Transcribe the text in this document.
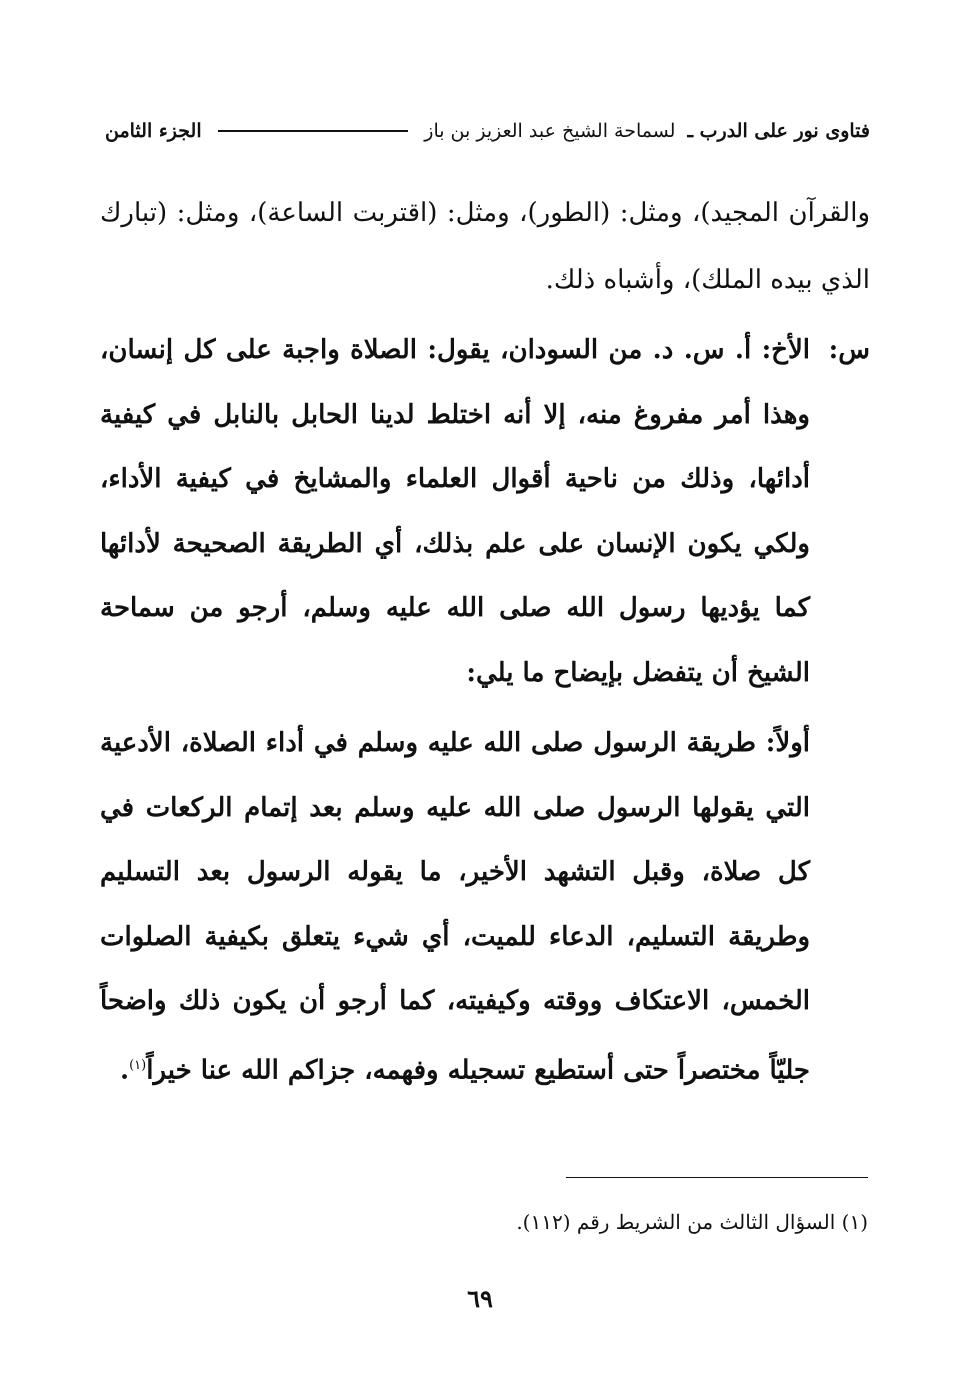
فتاوى نور على الدرب ـ
لسماحة الشيخ عبد العزيز بن باز
الجزء الثامن
والقرآن المجيد)، ومثل: (الطور)، ومثل: (اقتربت الساعة)، ومثل: (تبارك الذي بيده الملك)، وأشباه ذلك.
س:الأخ: أ. س. د. من السودان، يقول: الصلاة واجبة على كل إنسان، وهذا أمر مفروغ منه، إلا أنه اختلط لدينا الحابل بالنابل في كيفية أدائها، وذلك من ناحية أقوال العلماء والمشايخ في كيفية الأداء، ولكي يكون الإنسان على علم بذلك، أي الطريقة الصحيحة لأدائها كما يؤديها رسول الله صلى الله عليه وسلم، أرجو من سماحة الشيخ أن يتفضل بإيضاح ما يلي:
أولاً: طريقة الرسول صلى الله عليه وسلم في أداء الصلاة، الأدعية التي يقولها الرسول صلى الله عليه وسلم بعد إتمام الركعات في كل صلاة، وقبل التشهد الأخير، ما يقوله الرسول بعد التسليم وطريقة التسليم، الدعاء للميت، أي شيء يتعلق بكيفية الصلوات الخمس، الاعتكاف ووقته وكيفيته، كما أرجو أن يكون ذلك واضحاً جليّاً مختصراً حتى أستطيع تسجيله وفهمه، جزاكم الله عنا خيراً$^{(١)}$.
(١) السؤال الثالث من الشريط رقم (١١٢).
٦٩
